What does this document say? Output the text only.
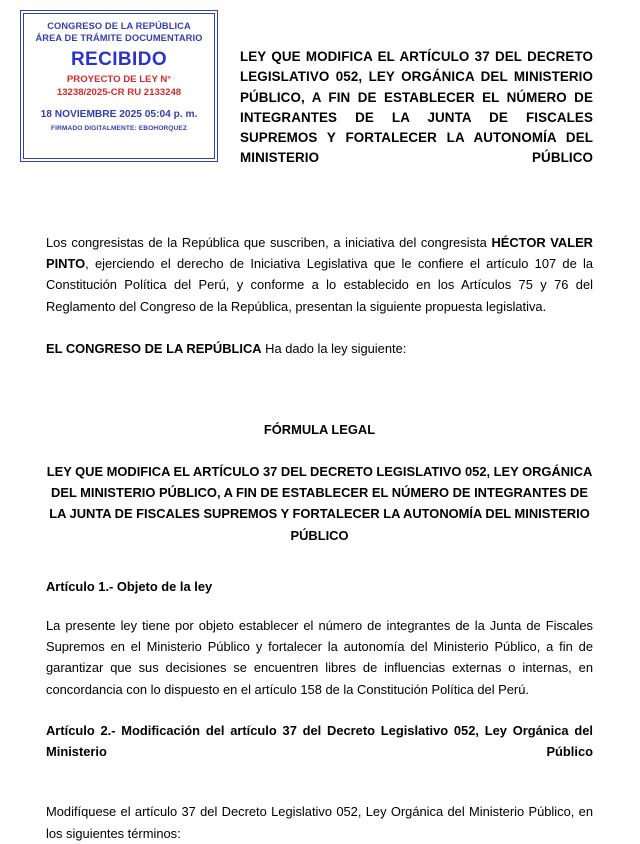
CONGRESO DE LA REPÚBLICA
ÁREA DE TRÁMITE DOCUMENTARIO
RECIBIDO
PROYECTO DE LEY N°
13238/2025-CR RU 2133248
18 NOVIEMBRE 2025 05:04 p. m.
FIRMADO DIGITALMENTE: EBOHORQUEZ
LEY QUE MODIFICA EL ARTÍCULO 37 DEL DECRETO LEGISLATIVO 052, LEY ORGÁNICA DEL MINISTERIO PÚBLICO, A FIN DE ESTABLECER EL NÚMERO DE INTEGRANTES DE LA JUNTA DE FISCALES SUPREMOS Y FORTALECER LA AUTONOMÍA DEL MINISTERIO PÚBLICO

Los congresistas de la República que suscriben, a iniciativa del congresista HÉCTOR VALER PINTO, ejerciendo el derecho de Iniciativa Legislativa que le confiere el artículo 107 de la Constitución Política del Perú, y conforme a lo establecido en los Artículos 75 y 76 del Reglamento del Congreso de la República, presentan la siguiente propuesta legislativa.

EL CONGRESO DE LA REPÚBLICA Ha dado la ley siguiente:

FÓRMULA LEGAL

LEY QUE MODIFICA EL ARTÍCULO 37 DEL DECRETO LEGISLATIVO 052, LEY ORGÁNICA DEL MINISTERIO PÚBLICO, A FIN DE ESTABLECER EL NÚMERO DE INTEGRANTES DE LA JUNTA DE FISCALES SUPREMOS Y FORTALECER LA AUTONOMÍA DEL MINISTERIO PÚBLICO

Artículo 1.- Objeto de la ley

La presente ley tiene por objeto establecer el número de integrantes de la Junta de Fiscales Supremos en el Ministerio Público y fortalecer la autonomía del Ministerio Público, a fin de garantizar que sus decisiones se encuentren libres de influencias externas o internas, en concordancia con lo dispuesto en el artículo 158 de la Constitución Política del Perú.

Artículo 2.- Modificación del artículo 37 del Decreto Legislativo 052, Ley Orgánica del Ministerio Público

Modifíquese el artículo 37 del Decreto Legislativo 052, Ley Orgánica del Ministerio Público, en los siguientes términos:
